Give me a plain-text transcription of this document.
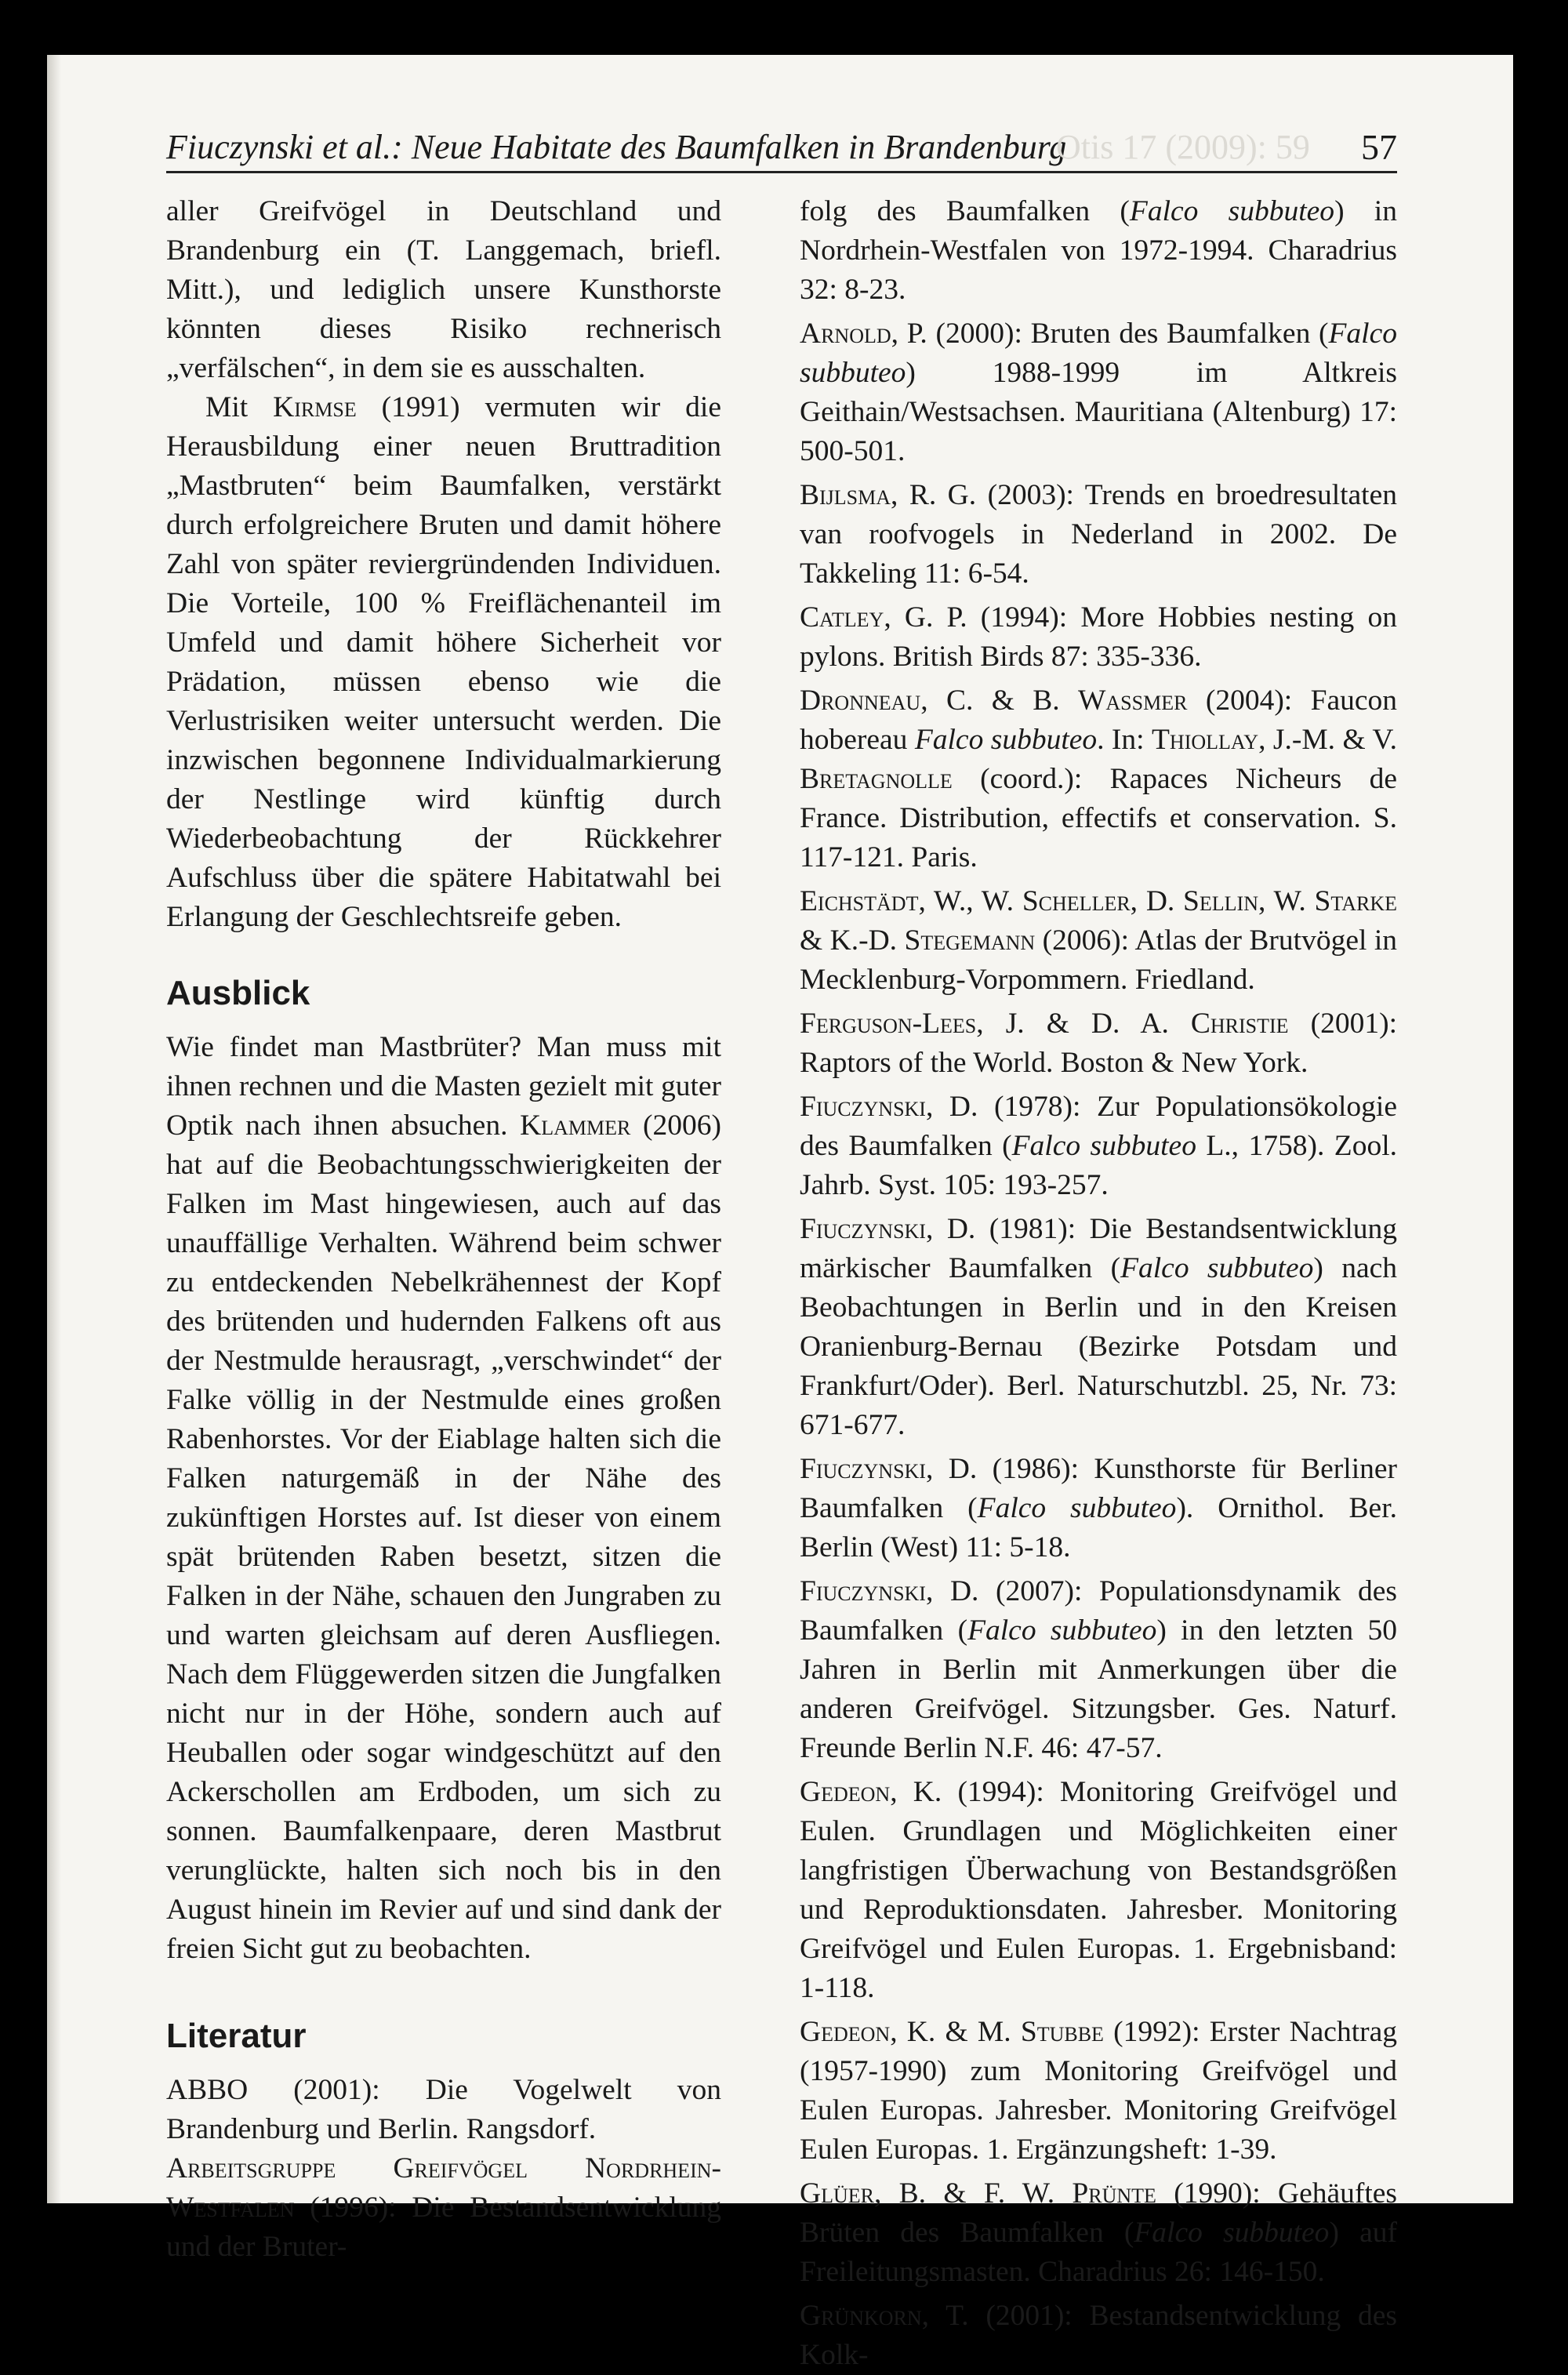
Fiuczynski et al.: Neue Habitate des Baumfalken in Brandenburg
Otis 17 (2009): 59 57

aller Greifvögel in Deutschland und Brandenburg ein (T. Langgemach, briefl. Mitt.), und lediglich unsere Kunsthorste könnten dieses Risiko rechnerisch „verfälschen“, in dem sie es ausschalten.

Mit Kirmse (1991) vermuten wir die Herausbildung einer neuen Bruttradition „Mastbruten“ beim Baumfalken, verstärkt durch erfolgreichere Bruten und damit höhere Zahl von später reviergründenden Individuen. Die Vorteile, 100 % Freiflächenanteil im Umfeld und damit höhere Sicherheit vor Prädation, müssen ebenso wie die Verlustrisiken weiter untersucht werden. Die inzwischen begonnene Individualmarkierung der Nestlinge wird künftig durch Wiederbeobachtung der Rückkehrer Aufschluss über die spätere Habitatwahl bei Erlangung der Geschlechtsreife geben.

Ausblick

Wie findet man Mastbrüter? Man muss mit ihnen rechnen und die Masten gezielt mit guter Optik nach ihnen absuchen. Klammer (2006) hat auf die Beobachtungsschwierigkeiten der Falken im Mast hingewiesen, auch auf das unauffällige Verhalten. Während beim schwer zu entdeckenden Nebelkrähennest der Kopf des brütenden und hudernden Falkens oft aus der Nestmulde herausragt, „verschwindet“ der Falke völlig in der Nestmulde eines großen Rabenhorstes. Vor der Eiablage halten sich die Falken naturgemäß in der Nähe des zukünftigen Horstes auf. Ist dieser von einem spät brütenden Raben besetzt, sitzen die Falken in der Nähe, schauen den Jungraben zu und warten gleichsam auf deren Ausfliegen. Nach dem Flüggewerden sitzen die Jungfalken nicht nur in der Höhe, sondern auch auf Heuballen oder sogar windgeschützt auf den Ackerschollen am Erdboden, um sich zu sonnen. Baumfalkenpaare, deren Mastbrut verunglückte, halten sich noch bis in den August hinein im Revier auf und sind dank der freien Sicht gut zu beobachten.

Literatur

ABBO (2001): Die Vogelwelt von Brandenburg und Berlin. Rangsdorf.

Arbeitsgruppe Greifvögel Nordrhein-Westfalen (1996): Die Bestandsentwicklung und der Bruter-

folg des Baumfalken (Falco subbuteo) in Nordrhein-Westfalen von 1972-1994. Charadrius 32: 8-23.

Arnold, P. (2000): Bruten des Baumfalken (Falco subbuteo) 1988-1999 im Altkreis Geithain/Westsachsen. Mauritiana (Altenburg) 17: 500-501.

Bijlsma, R. G. (2003): Trends en broedresultaten van roofvogels in Nederland in 2002. De Takkeling 11: 6-54.

Catley, G. P. (1994): More Hobbies nesting on pylons. British Birds 87: 335-336.

Dronneau, C. & B. Wassmer (2004): Faucon hobereau Falco subbuteo. In: Thiollay, J.-M. & V. Bretagnolle (coord.): Rapaces Nicheurs de France. Distribution, effectifs et conservation. S. 117-121. Paris.

Eichstädt, W., W. Scheller, D. Sellin, W. Starke & K.-D. Stegemann (2006): Atlas der Brutvögel in Mecklenburg-Vorpommern. Friedland.

Ferguson-Lees, J. & D. A. Christie (2001): Raptors of the World. Boston & New York.

Fiuczynski, D. (1978): Zur Populationsökologie des Baumfalken (Falco subbuteo L., 1758). Zool. Jahrb. Syst. 105: 193-257.

Fiuczynski, D. (1981): Die Bestandsentwicklung märkischer Baumfalken (Falco subbuteo) nach Beobachtungen in Berlin und in den Kreisen Oranienburg-Bernau (Bezirke Potsdam und Frankfurt/Oder). Berl. Naturschutzbl. 25, Nr. 73: 671-677.

Fiuczynski, D. (1986): Kunsthorste für Berliner Baumfalken (Falco subbuteo). Ornithol. Ber. Berlin (West) 11: 5-18.

Fiuczynski, D. (2007): Populationsdynamik des Baumfalken (Falco subbuteo) in den letzten 50 Jahren in Berlin mit Anmerkungen über die anderen Greifvögel. Sitzungsber. Ges. Naturf. Freunde Berlin N.F. 46: 47-57.

Gedeon, K. (1994): Monitoring Greifvögel und Eulen. Grundlagen und Möglichkeiten einer langfristigen Überwachung von Bestandsgrößen und Reproduktionsdaten. Jahresber. Monitoring Greifvögel und Eulen Europas. 1. Ergebnisband: 1-118.

Gedeon, K. & M. Stubbe (1992): Erster Nachtrag (1957-1990) zum Monitoring Greifvögel und Eulen Europas. Jahresber. Monitoring Greifvögel Eulen Europas. 1. Ergänzungsheft: 1-39.

Glüer, B. & F. W. Prünte (1990): Gehäuftes Brüten des Baumfalken (Falco subbuteo) auf Freileitungsmasten. Charadrius 26: 146-150.

Grünkorn, T. (2001): Bestandsentwicklung des Kolk-
